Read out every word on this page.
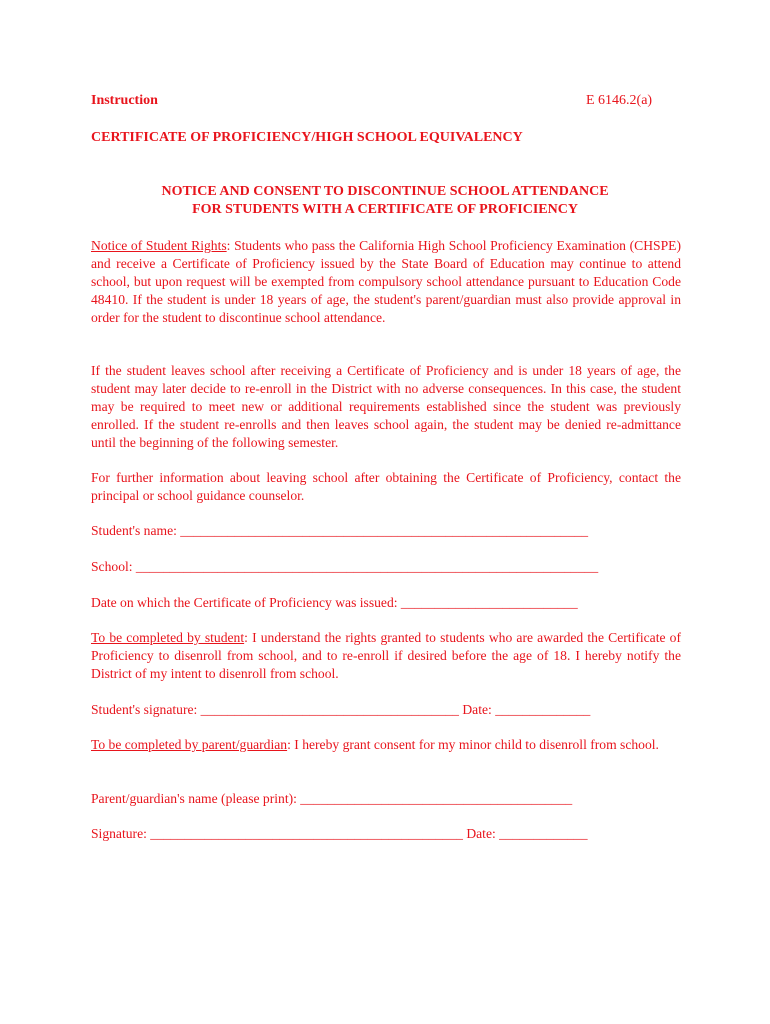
Instruction	E 6146.2(a)
CERTIFICATE OF PROFICIENCY/HIGH SCHOOL EQUIVALENCY
NOTICE AND CONSENT TO DISCONTINUE SCHOOL ATTENDANCE
FOR STUDENTS WITH A CERTIFICATE OF PROFICIENCY

Notice of Student Rights: Students who pass the California High School Proficiency Examination (CHSPE) and receive a Certificate of Proficiency issued by the State Board of Education may continue to attend school, but upon request will be exempted from compulsory school attendance pursuant to Education Code 48410. If the student is under 18 years of age, the student's parent/guardian must also provide approval in order for the student to discontinue school attendance.

If the student leaves school after receiving a Certificate of Proficiency and is under 18 years of age, the student may later decide to re-enroll in the District with no adverse consequences. In this case, the student may be required to meet new or additional requirements established since the student was previously enrolled. If the student re-enrolls and then leaves school again, the student may be denied re-admittance until the beginning of the following semester.

For further information about leaving school after obtaining the Certificate of Proficiency, contact the principal or school guidance counselor.

Student's name: ____________________________________________________________
School: ____________________________________________________________________
Date on which the Certificate of Proficiency was issued: __________________________

To be completed by student: I understand the rights granted to students who are awarded the Certificate of Proficiency to disenroll from school, and to re-enroll if desired before the age of 18. I hereby notify the District of my intent to disenroll from school.

Student's signature: ______________________________________ Date: ______________

To be completed by parent/guardian: I hereby grant consent for my minor child to disenroll from school.

Parent/guardian's name (please print): ________________________________________
Signature: ______________________________________________ Date: _____________
